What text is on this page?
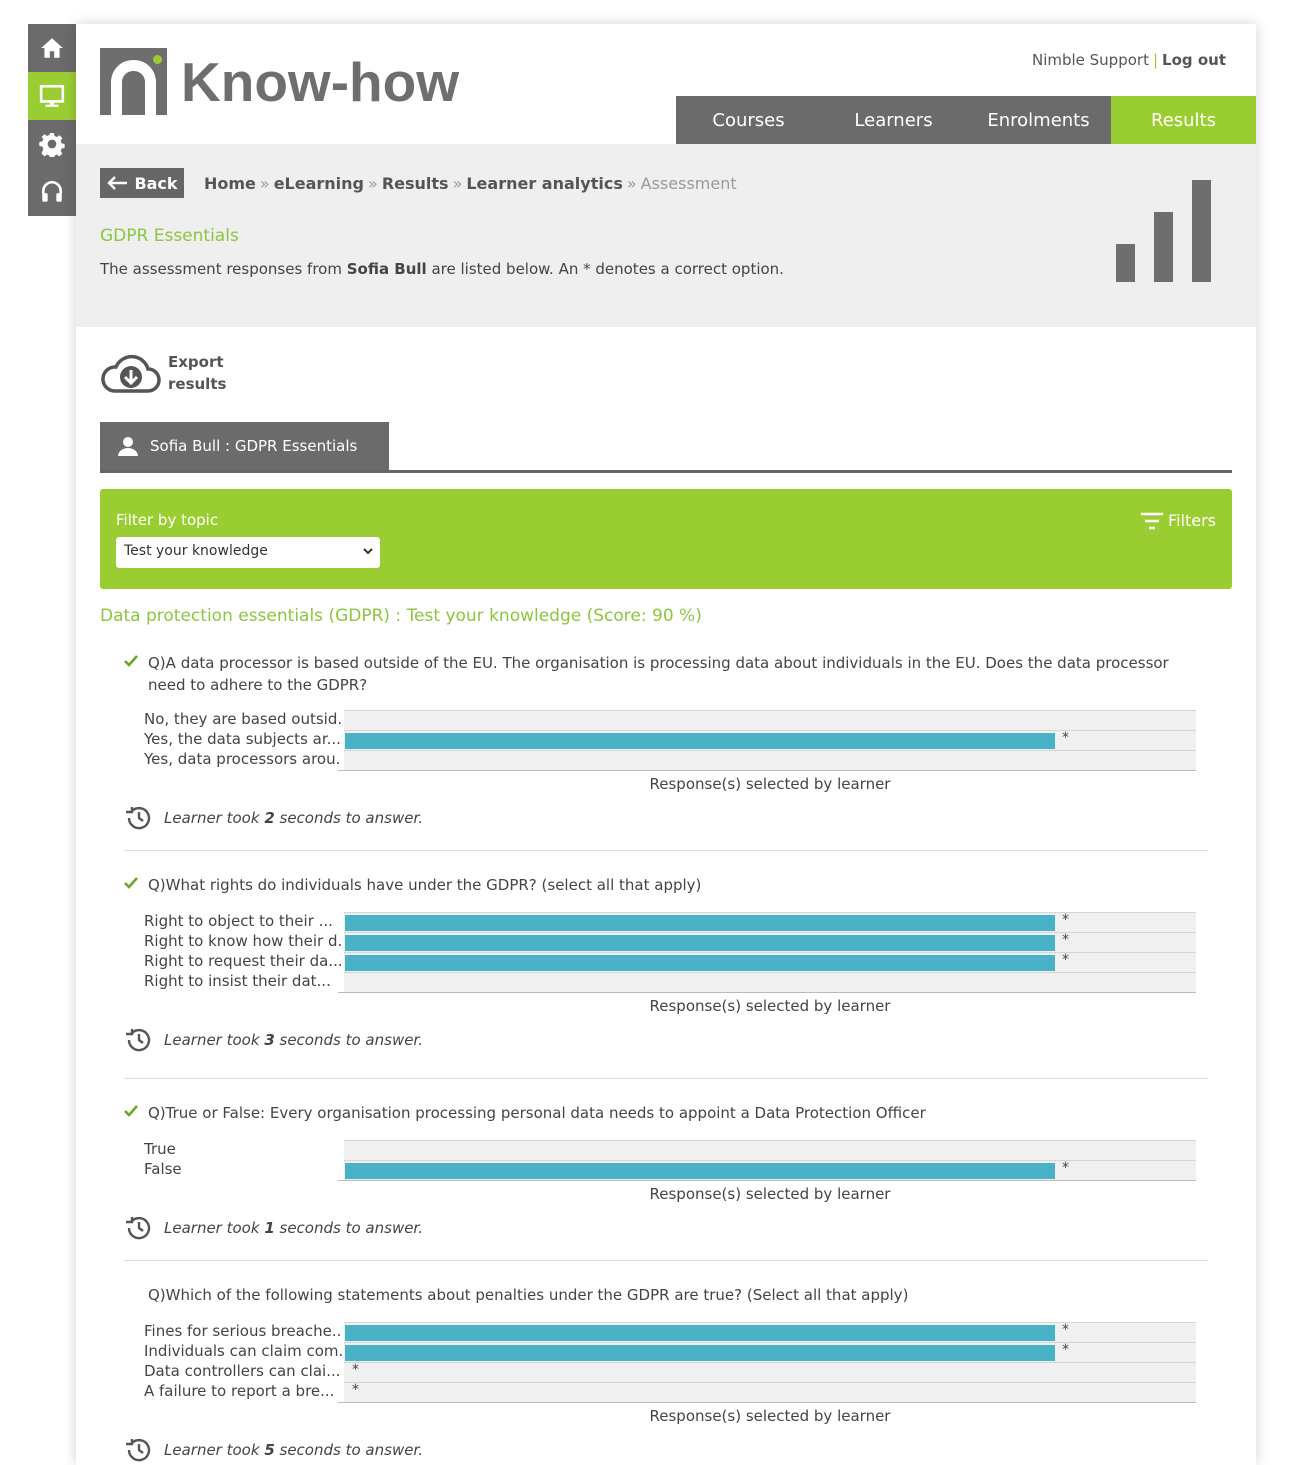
Know-how	Nimble Support | Log out
Courses	Learners	Enrolments	Results
Back Home » eLearning » Results » Learner analytics » Assessment
GDPR Essentials
The assessment responses from Sofia Bull are listed below. An * denotes a correct option.
Export
results
Sofia Bull : GDPR Essentials
Filter by topic
Test your knowledge
Filters
Data protection essentials (GDPR) : Test your knowledge (Score: 90 %)
Q)A data processor is based outside of the EU. The organisation is processing data about individuals in the EU. Does the data processor need to adhere to the GDPR?
No, they are based outsid.
Yes, the data subjects ar...	*
Yes, data processors arou.
Response(s) selected by learner
Learner took 2 seconds to answer.
Q)What rights do individuals have under the GDPR? (select all that apply)
Right to object to their ...	*
Right to know how their d.	*
Right to request their da...	*
Right to insist their dat...
Response(s) selected by learner
Learner took 3 seconds to answer.
Q)True or False: Every organisation processing personal data needs to appoint a Data Protection Officer
True
False	*
Response(s) selected by learner
Learner took 1 seconds to answer.
Q)Which of the following statements about penalties under the GDPR are true? (Select all that apply)
Fines for serious breache..	*
Individuals can claim com.	*
Data controllers can clai... *
A failure to report a bre...	*
Response(s) selected by learner
Learner took 5 seconds to answer.
